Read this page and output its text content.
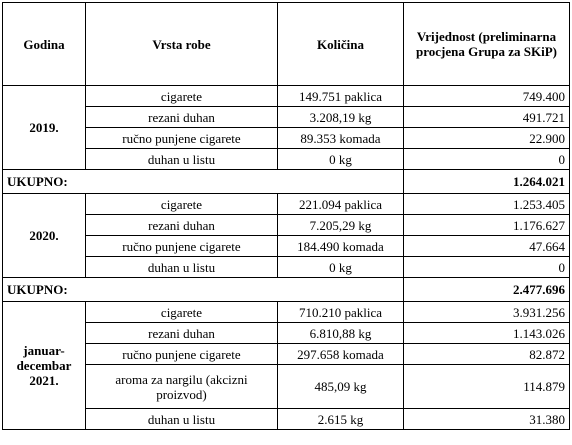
Godina	Vrsta robe	Količina	Vrijednost (preliminarna procjena Grupa za SKiP)
2019.	cigarete	149.751 paklica	749.400
	rezani duhan	3.208,19 kg	491.721
	ručno punjene cigarete	89.353 komada	22.900
	duhan u listu	0 kg	0
UKUPNO:			1.264.021
2020.	cigarete	221.094 paklica	1.253.405
	rezani duhan	7.205,29 kg	1.176.627
	ručno punjene cigarete	184.490 komada	47.664
	duhan u listu	0 kg	0
UKUPNO:			2.477.696
januar-decembar 2021.	cigarete	710.210 paklica	3.931.256
	rezani duhan	6.810,88 kg	1.143.026
	ručno punjene cigarete	297.658 komada	82.872
	aroma za nargilu (akcizni proizvod)	485,09 kg	114.879
	duhan u listu	2.615 kg	31.380
